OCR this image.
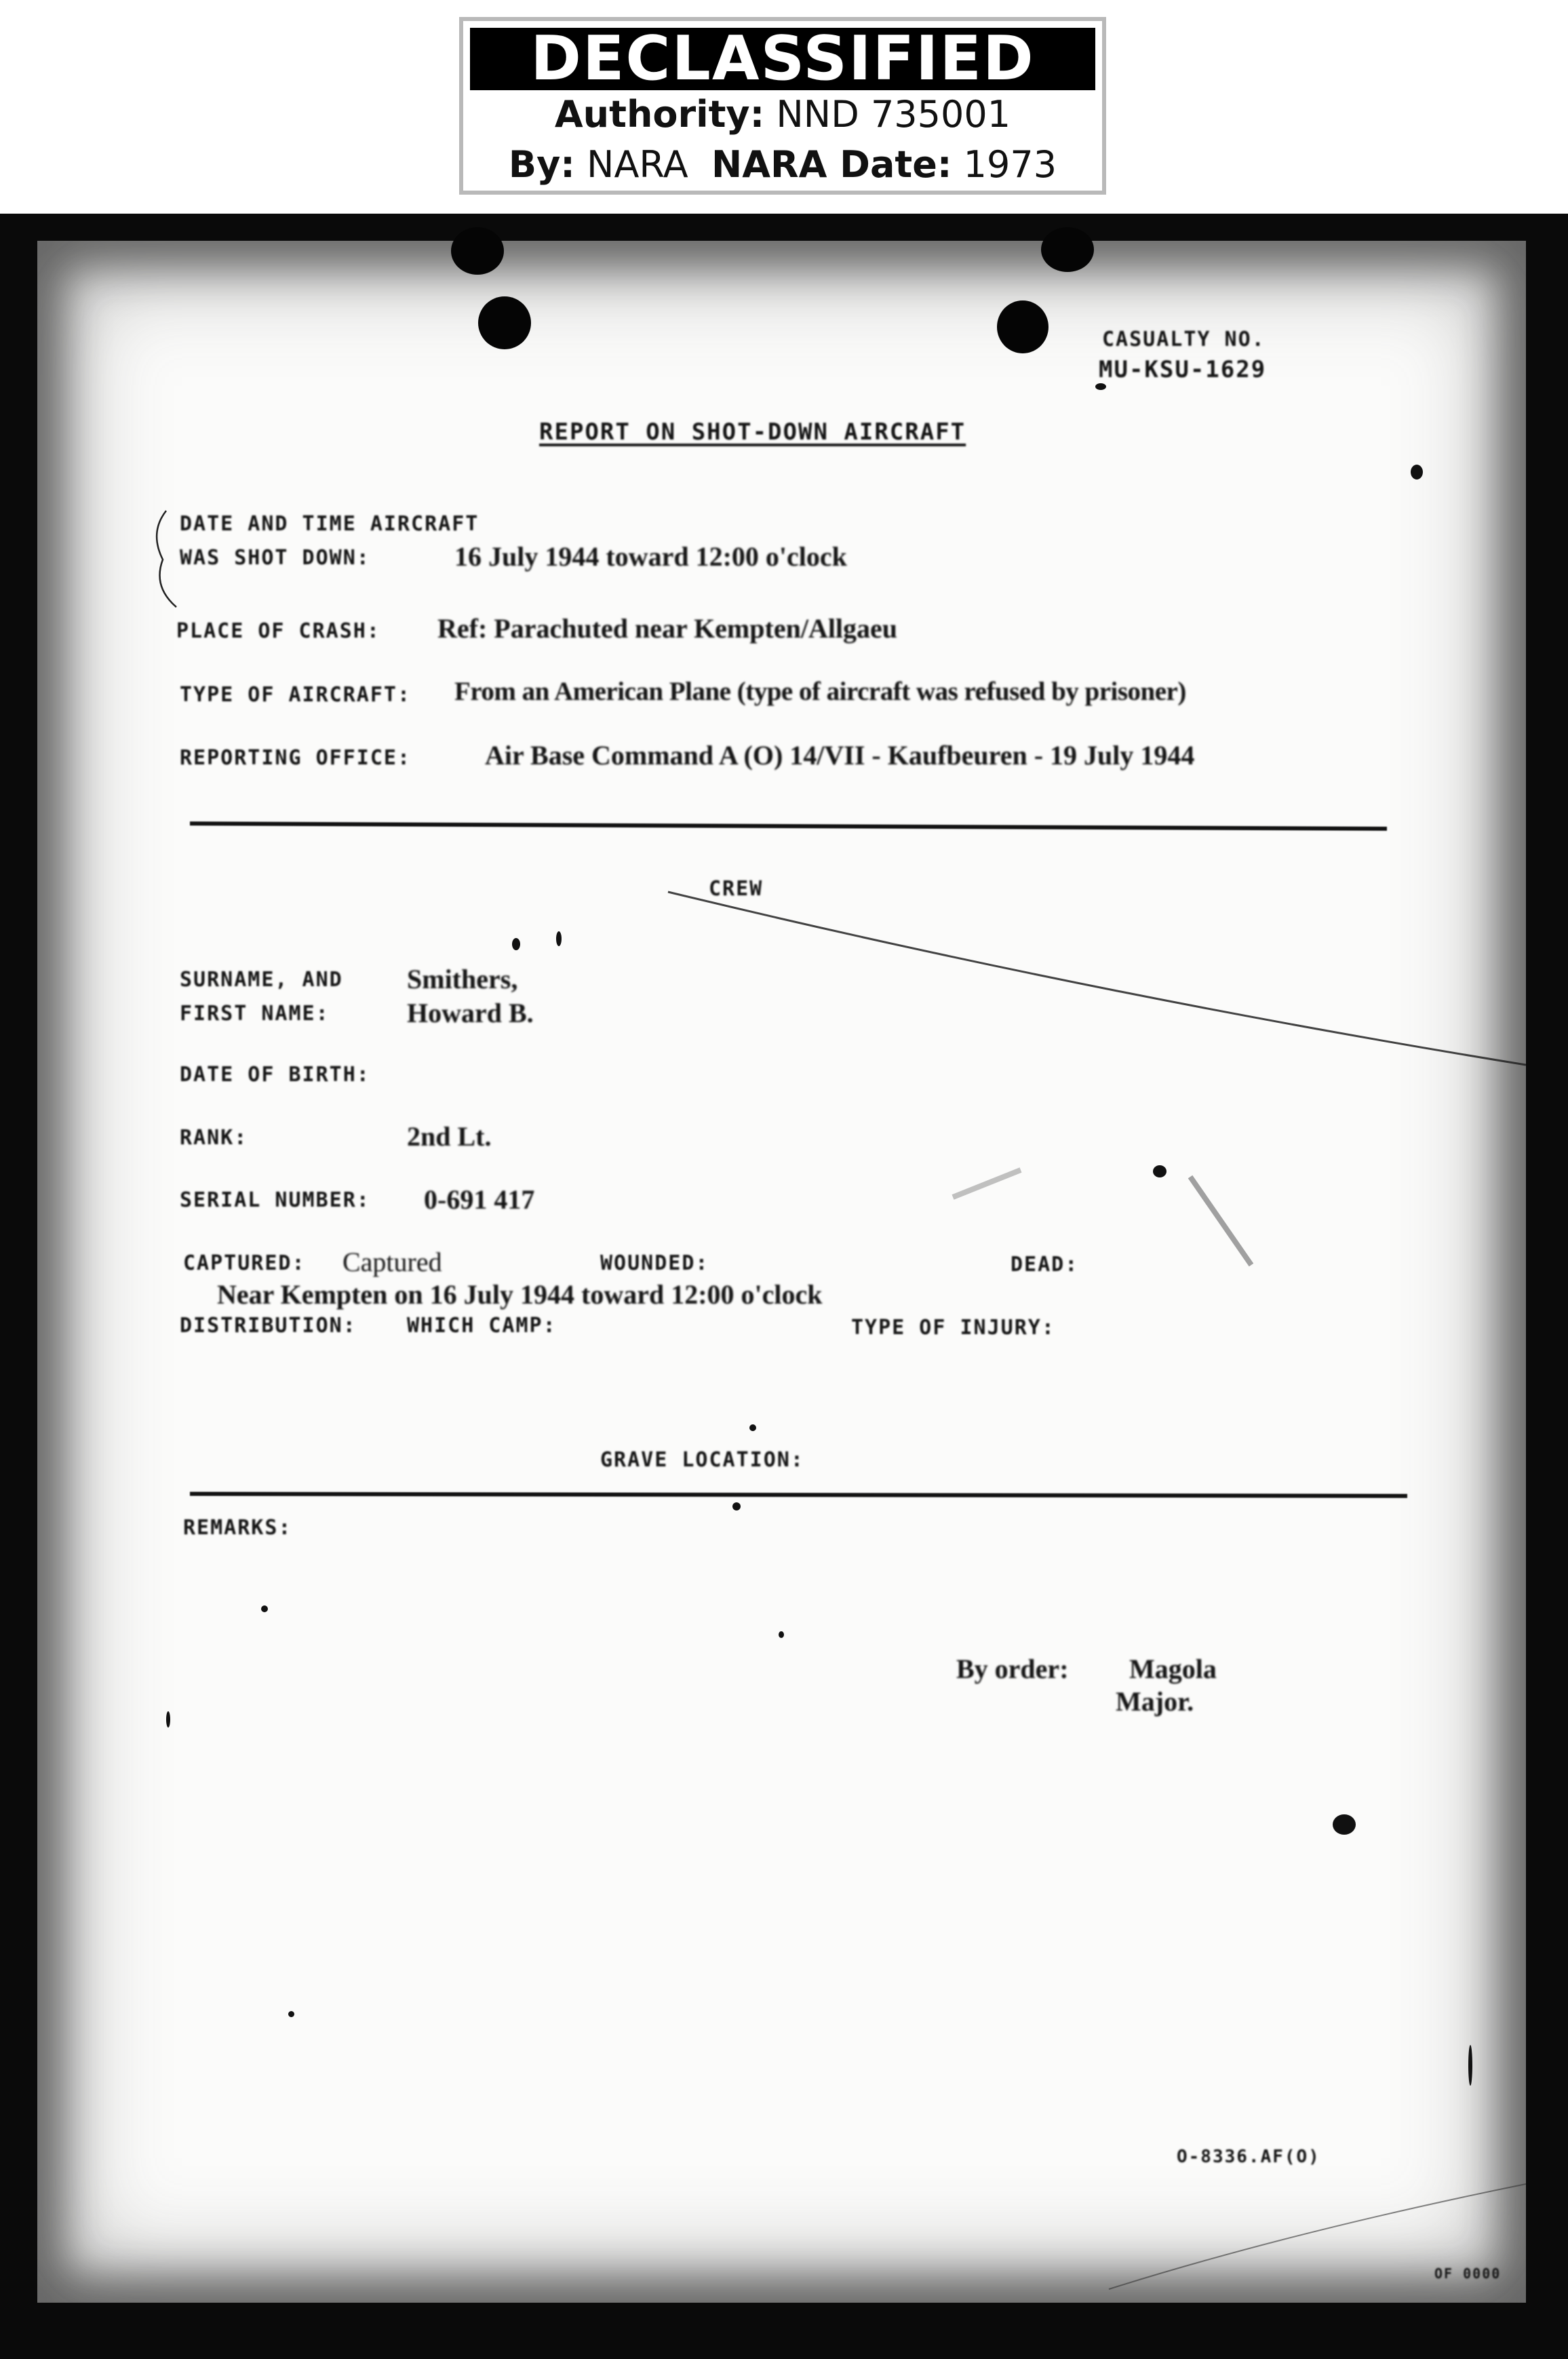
DECLASSIFIED
Authority: NND 735001
By: NARA NARA Date: 1973
CASUALTY NO.
MU-KSU-1629
REPORT ON SHOT-DOWN AIRCRAFT
DATE AND TIME AIRCRAFT
WAS SHOT DOWN:	16 July 1944 toward 12:00 o'clock
PLACE OF CRASH: Ref: Parachuted near Kempten/Allgaeu
TYPE OF AIRCRAFT: From an American Plane (type of aircraft was refused by prisoner)
REPORTING OFFICE:	Air Base Command A (O) 14/VII - Kaufbeuren - 19 July 1944
CREW
SURNAME, AND
FIRST NAME:
Smithers,
Howard B.
DATE OF BIRTH:
RANK:	2nd Lt.
SERIAL NUMBER: 0-691 417
CAPTURED: Captured	WOUNDED:	DEAD:
Near Kempten on 16 July 1944 toward 12:00 o'clock
DISTRIBUTION: WHICH CAMP:	TYPE OF INJURY:
GRAVE LOCATION:
REMARKS:
By order: Magola
Major.
O-8336.AF(O)
OF 0000
